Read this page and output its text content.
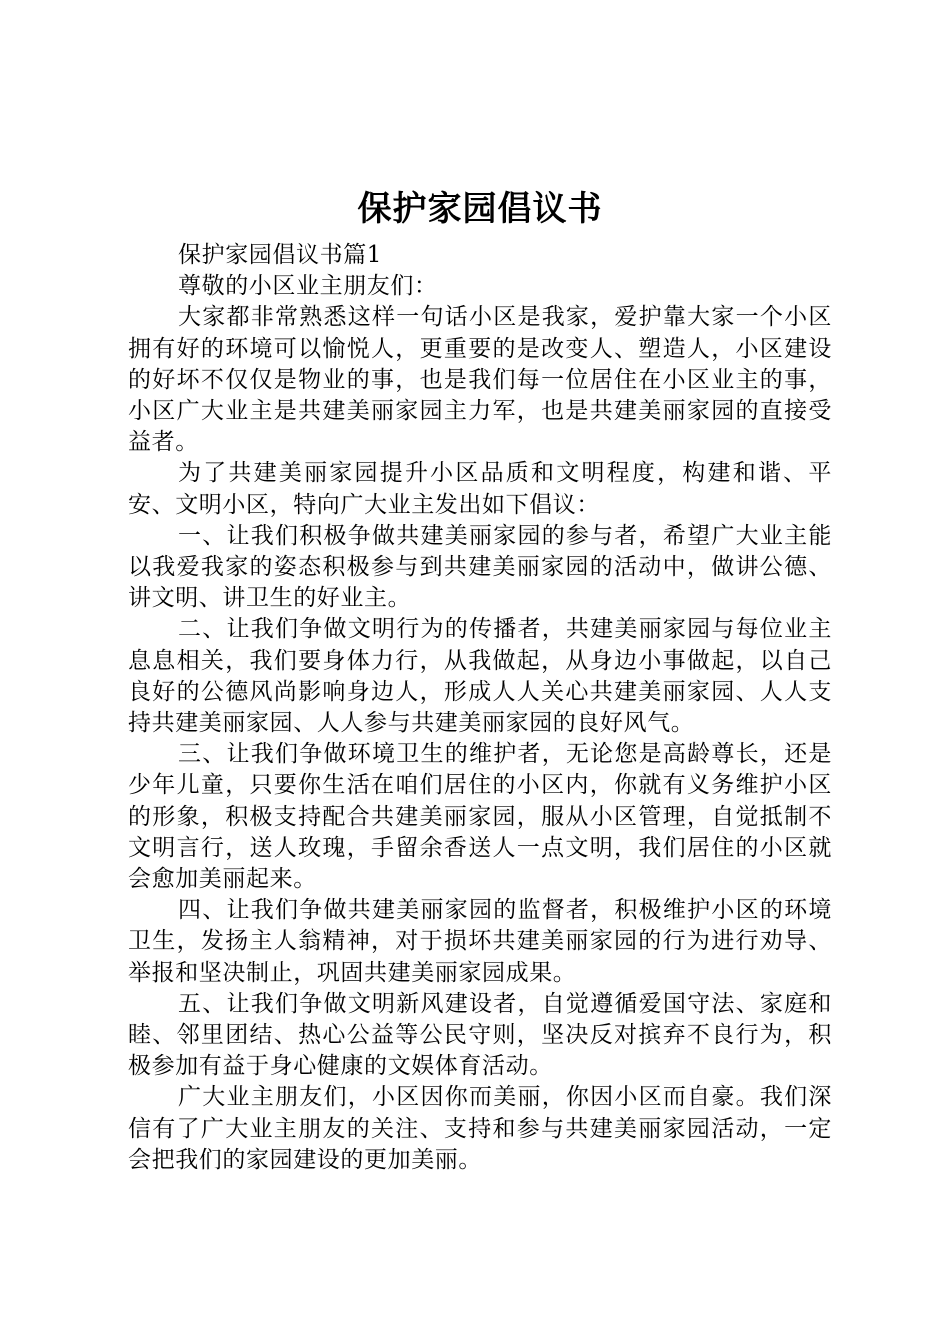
保护家园倡议书

保护家园倡议书篇1

尊敬的小区业主朋友们：

大家都非常熟悉这样一句话小区是我家，爱护靠大家一个小区拥有好的环境可以愉悦人，更重要的是改变人、塑造人，小区建设的好坏不仅仅是物业的事，也是我们每一位居住在小区业主的事，小区广大业主是共建美丽家园主力军，也是共建美丽家园的直接受益者。

为了共建美丽家园提升小区品质和文明程度，构建和谐、平安、文明小区，特向广大业主发出如下倡议：

一、让我们积极争做共建美丽家园的参与者，希望广大业主能以我爱我家的姿态积极参与到共建美丽家园的活动中，做讲公德、讲文明、讲卫生的好业主。

二、让我们争做文明行为的传播者，共建美丽家园与每位业主息息相关，我们要身体力行，从我做起，从身边小事做起，以自己良好的公德风尚影响身边人，形成人人关心共建美丽家园、人人支持共建美丽家园、人人参与共建美丽家园的良好风气。

三、让我们争做环境卫生的维护者，无论您是高龄尊长，还是少年儿童，只要你生活在咱们居住的小区内，你就有义务维护小区的形象，积极支持配合共建美丽家园，服从小区管理，自觉抵制不文明言行，送人玫瑰，手留余香送人一点文明，我们居住的小区就会愈加美丽起来。

四、让我们争做共建美丽家园的监督者，积极维护小区的环境卫生，发扬主人翁精神，对于损坏共建美丽家园的行为进行劝导、举报和坚决制止，巩固共建美丽家园成果。

五、让我们争做文明新风建设者，自觉遵循爱国守法、家庭和睦、邻里团结、热心公益等公民守则，坚决反对摈弃不良行为，积极参加有益于身心健康的文娱体育活动。

广大业主朋友们，小区因你而美丽，你因小区而自豪。我们深信有了广大业主朋友的关注、支持和参与共建美丽家园活动，一定会把我们的家园建设的更加美丽。
